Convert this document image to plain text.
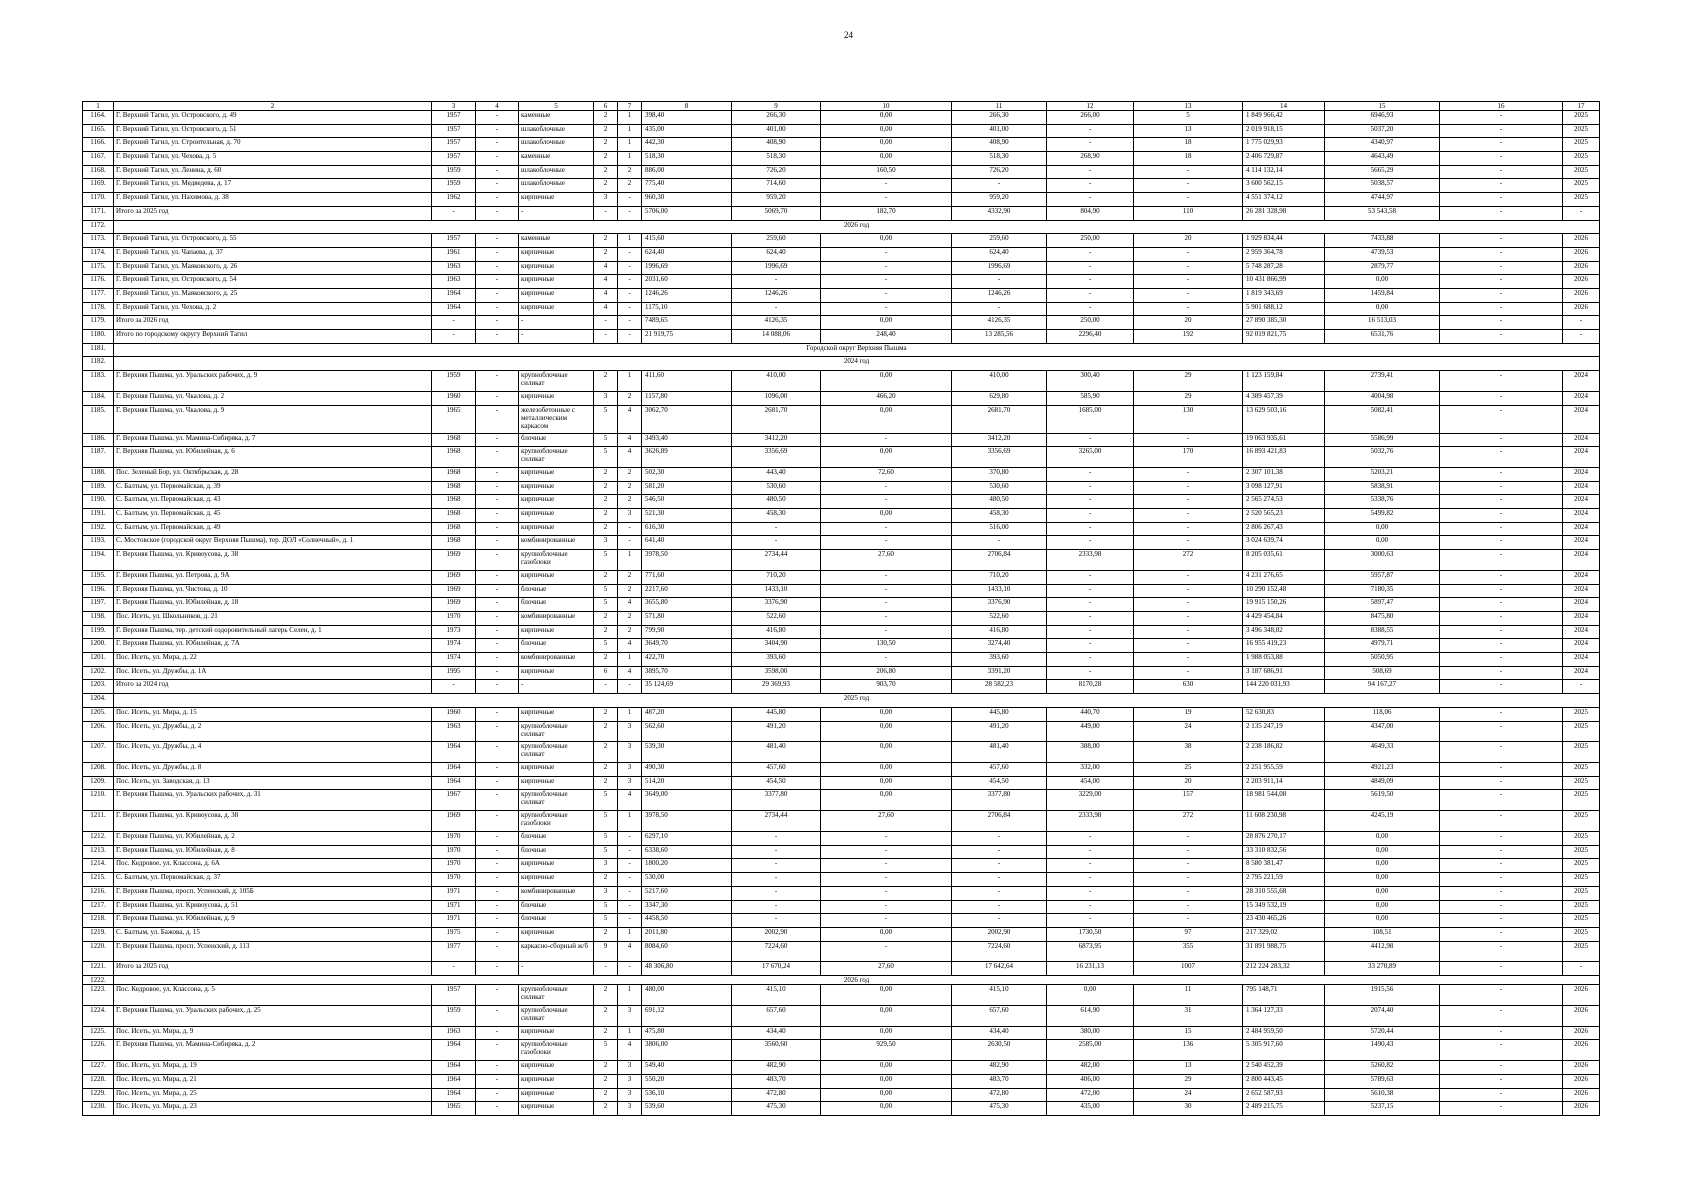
24
1	2	3	4	5	6	7	8	9	10	11	12	13	14	15	16	17
1164.	Г. Верхний Тагил, ул. Островского, д. 49	1957	-	каменные	2	1	398,40	266,30	0,00	266,30	266,00	5	1 849 966,42	6946,93	-	2025
1165.	Г. Верхний Тагил, ул. Островского, д. 51	1957	-	шлакоблочные	2	1	435,00	401,00	0,00	401,00	-	13	2 019 918,15	5037,20	-	2025
1166.	Г. Верхний Тагил, ул. Строительная, д. 70	1957	-	шлакоблочные	2	1	442,30	408,90	0,00	408,90	-	18	1 775 029,93	4340,97	-	2025
1167.	Г. Верхний Тагил, ул. Чехова, д. 5	1957	-	каменные	2	1	518,30	518,30	0,00	518,30	268,90	18	2 406 729,87	4643,49	-	2025
1168.	Г. Верхний Тагил, ул. Ленина, д. 60	1959	-	шлакоблочные	2	2	886,00	726,20	160,50	726,20	-	-	4 114 132,14	5665,29	-	2025
1169.	Г. Верхний Тагил, ул. Медведева, д. 17	1959	-	шлакоблочные	2	2	775,40	714,60	-	-	-	-	3 600 562,15	5038,57	-	2025
1170.	Г. Верхний Тагил, ул. Нахимова, д. 38	1962	-	кирпичные	3	-	960,30	959,20	-	959,20	-	-	4 551 374,12	4744,97	-	2025
1171.	Итого за 2025 год	-	-	-	-	-	5706,00	5069,70	182,70	4332,90	804,90	110	26 281 328,98	53 543,58	-	-
1172.	2026 год															
1173.	Г. Верхний Тагил, ул. Островского, д. 55	1957	-	каменные	2	1	415,60	259,60	0,00	259,60	250,00	20	1 929 834,44	7433,88	-	2026
1174.	Г. Верхний Тагил, ул. Чапаева, д. 37	1961	-	кирпичные	2	-	624,40	624,40	-	624,40	-	-	2 959 364,78	4739,53	-	2026
1175.	Г. Верхний Тагил, ул. Маяковского, д. 26	1963	-	кирпичные	4	-	1996,69	1996,69	-	1996,69	-	-	5 748 287,28	2879,77	-	2026
1176.	Г. Верхний Тагил, ул. Островского, д. 54	1963	-	кирпичные	4	-	2031,60	-	-	-	-	-	10 431 866,99	0,00	-	2026
1177.	Г. Верхний Тагил, ул. Маяковского, д. 25	1964	-	кирпичные	4	-	1246,26	1246,26	-	1246,26	-	-	1 819 343,69	1459,84	-	2026
1178.	Г. Верхний Тагил, ул. Чехова, д. 2	1964	-	кирпичные	4	-	1175,10	-	-	-	-	-	5 901 688,12	0,00	-	2026
1179.	Итого за 2026 год	-	-	-	-	-	7489,65	4126,35	0,00	4126,35	250,00	20	27 890 385,30	16 513,03	-	-
1180.	Итого по городскому округу Верхний Тагил	-	-	-	-	-	21 919,75	14 088,06	248,40	13 285,56	2296,40	192	92 019 821,75	6531,76	-	-
1181.	Городской округ Верхняя Пышма															
1182.	2024 год															
1183.	Г. Верхняя Пышма, ул. Уральских рабочих, д. 9	1959	-	крупноблочные силикат	2	1	411,60	410,00	0,00	410,00	300,40	29	1 123 159,84	2739,41	-	2024
1184.	Г. Верхняя Пышма, ул. Чкалова, д. 2	1960	-	кирпичные	3	2	1157,80	1096,00	466,20	629,80	585,90	29	4 389 457,39	4004,98	-	2024
1185.	Г. Верхняя Пышма, ул. Чкалова, д. 9	1965	-	железобетонные с металлическим каркасом	5	4	3062,70	2681,70	0,00	2681,70	1685,00	130	13 629 503,16	5082,41	-	2024
1186.	Г. Верхняя Пышма, ул. Мамина-Сибиряка, д. 7	1968	-	блочные	5	4	3493,40	3412,20	-	3412,20	-	-	19 063 935,61	5586,99	-	2024
1187.	Г. Верхняя Пышма, ул. Юбилейная, д. 6	1968	-	крупноблочные силикат	5	4	3626,89	3356,69	0,00	3356,69	3265,00	170	16 893 421,83	5032,76	-	2024
1188.	Пос. Зеленый Бор, ул. Октябрьская, д. 28	1968	-	кирпичные	2	2	502,30	443,40	72,60	370,80	-	-	2 307 101,38	5203,21	-	2024
1189.	С. Балтым, ул. Первомайская, д. 39	1968	-	кирпичные	2	2	581,20	530,60	-	530,60	-	-	3 098 127,91	5838,91	-	2024
1190.	С. Балтым, ул. Первомайская, д. 43	1968	-	кирпичные	2	2	546,50	480,50	-	480,50	-	-	2 565 274,53	5338,76	-	2024
1191.	С. Балтым, ул. Первомайская, д. 45	1968	-	кирпичные	2	3	521,30	458,30	0,00	458,30	-	-	2 520 565,23	5499,82	-	2024
1192.	С. Балтым, ул. Первомайская, д. 49	1968	-	кирпичные	2	-	616,30	-	-	516,00	-	-	2 806 267,43	0,00	-	2024
1193.	С. Мостовское (городской округ Верхняя Пышма), тер. ДОЛ «Солнечный», д. 1	1968	-	комбинированные	3	-	641,40	-	-	-	-	-	3 024 639,74	0,00	-	2024
1194.	Г. Верхняя Пышма, ул. Кривоусова, д. 38	1969	-	крупноблочные газоблоки	5	1	3978,50	2734,44	27,60	2706,84	2333,98	272	8 205 035,61	3000,63	-	2024
1195.	Г. Верхняя Пышма, ул. Петрова, д. 9А	1969	-	кирпичные	2	2	771,60	710,20	-	710,20	-	-	4 231 276,65	5957,87	-	2024
1196.	Г. Верхняя Пышма, ул. Чистова, д. 10	1969	-	блочные	5	2	2217,60	1433,10	-	1433,10	-	-	10 290 152,48	7180,35	-	2024
1197.	Г. Верхняя Пышма, ул. Юбилейная, д. 18	1969	-	блочные	5	4	3655,80	3376,90	-	3376,90	-	-	19 915 150,26	5897,47	-	2024
1198.	Пос. Исеть, ул. Школьников, д. 21	1970	-	комбинированные	2	2	571,80	522,60	-	522,60	-	-	4 429 454,84	8475,80	-	2024
1199.	Г. Верхняя Пышма, тер. детский оздоровительный лагерь Селен, д. 1	1973	-	кирпичные	2	2	799,90	416,80	-	416,80	-	-	3 496 348,02	8388,55	-	2024
1200.	Г. Верхняя Пышма, ул. Юбилейная, д. 7А	1974	-	блочные	5	4	3649,70	3404,90	130,50	3274,40	-	-	16 955 419,23	4979,71	-	2024
1201.	Пос. Исеть, ул. Мира, д. 22	1974	-	комбинированные	2	1	422,70	393,60	-	393,60	-	-	1 988 053,88	5050,95	-	2024
1202.	Пос. Исеть, ул. Дружбы, д. 1А	1995	-	кирпичные	6	4	3895,70	3598,00	206,80	3391,20	-	-	3 187 686,91	508,69	-	2024
1203.	Итого за 2024 год	-	-	-	-	-	35 124,69	29 369,93	903,70	28 582,23	8170,28	630	144 220 031,93	94 167,27	-	-
1204.	2025 год															
1205.	Пос. Исеть, ул. Мира, д. 15	1960	-	кирпичные	2	1	487,20	445,80	0,00	445,80	440,70	19	52 630,83	118,06	-	2025
1206.	Пос. Исеть, ул. Дружбы, д. 2	1963	-	крупноблочные силикат	2	3	562,60	491,20	0,00	491,20	449,00	24	2 135 247,19	4347,00	-	2025
1207.	Пос. Исеть, ул. Дружбы, д. 4	1964	-	крупноблочные силикат	2	3	539,30	481,40	0,00	481,40	388,00	38	2 238 186,82	4649,33	-	2025
1208.	Пос. Исеть, ул. Дружбы, д. 8	1964	-	кирпичные	2	3	490,30	457,60	0,00	457,60	332,00	25	2 251 955,59	4921,23	-	2025
1209.	Пос. Исеть, ул. Заводская, д. 13	1964	-	кирпичные	2	3	514,20	454,50	0,00	454,50	454,00	20	2 203 911,14	4849,09	-	2025
1210.	Г. Верхняя Пышма, ул. Уральских рабочих, д. 31	1967	-	крупноблочные силикат	5	4	3649,00	3377,80	0,00	3377,80	3229,00	157	18 981 544,08	5619,50	-	2025
1211.	Г. Верхняя Пышма, ул. Кривоусова, д. 38	1969	-	крупноблочные газоблоки	5	1	3978,50	2734,44	27,60	2706,84	2333,98	272	11 608 230,98	4245,19	-	2025
1212.	Г. Верхняя Пышма, ул. Юбилейная, д. 2	1970	-	блочные	5	-	6297,10	-	-	-	-	-	28 876 270,17	0,00	-	2025
1213.	Г. Верхняя Пышма, ул. Юбилейная, д. 8	1970	-	блочные	5	-	6338,60	-	-	-	-	-	33 310 832,56	0,00	-	2025
1214.	Пос. Кедровое, ул. Классона, д. 6А	1970	-	кирпичные	3	-	1800,20	-	-	-	-	-	8 580 381,47	0,00	-	2025
1215.	С. Балтым, ул. Первомайская, д. 37	1970	-	кирпичные	2	-	530,00	-	-	-	-	-	2 795 221,59	0,00	-	2025
1216.	Г. Верхняя Пышма, просп. Успенский, д. 105Б	1971	-	комбинированные	3	-	5217,60	-	-	-	-	-	28 310 555,68	0,00	-	2025
1217.	Г. Верхняя Пышма, ул. Кривоусова, д. 51	1971	-	блочные	5	-	3347,30	-	-	-	-	-	15 349 532,19	0,00	-	2025
1218.	Г. Верхняя Пышма, ул. Юбилейная, д. 9	1971	-	блочные	5	-	4458,50	-	-	-	-	-	23 430 465,26	0,00	-	2025
1219.	С. Балтым, ул. Бажова, д. 15	1975	-	кирпичные	2	1	2011,80	2002,90	0,00	2002,90	1730,50	97	217 329,02	108,51	-	2025
1220.	Г. Верхняя Пышма, просп. Успенский, д. 113	1977	-	каркасно-сборный ж/б	9	4	8084,60	7224,60	-	7224,60	6873,95	355	31 891 988,75	4412,98	-	2025
1221.	Итого за 2025 год	-	-	-	-	-	48 306,80	17 670,24	27,60	17 642,64	16 231,13	1007	212 224 283,32	33 270,89	-	-
1222.	2026 год															
1223.	Пос. Кедровое, ул. Классона, д. 5	1957	-	крупноблочные силикат	2	1	480,00	415,10	0,00	415,10	0,00	11	795 148,71	1915,56	-	2026
1224.	Г. Верхняя Пышма, ул. Уральских рабочих, д. 25	1959	-	крупноблочные силикат	2	3	691,12	657,60	0,00	657,60	614,90	31	1 364 127,33	2074,40	-	2026
1225.	Пос. Исеть, ул. Мира, д. 9	1963	-	кирпичные	2	1	475,80	434,40	0,00	434,40	380,00	15	2 484 959,50	5720,44	-	2026
1226.	Г. Верхняя Пышма, ул. Мамина-Сибиряка, д. 2	1964	-	крупноблочные газоблоки	5	4	3806,00	3560,60	929,50	2630,50	2585,00	136	5 305 917,60	1490,43	-	2026
1227.	Пос. Исеть, ул. Мира, д. 19	1964	-	кирпичные	2	3	549,40	482,90	0,00	482,90	482,00	13	2 540 452,39	5260,82	-	2026
1228.	Пос. Исеть, ул. Мира, д. 21	1964	-	кирпичные	2	3	550,20	483,70	0,00	483,70	406,00	29	2 800 443,45	5789,63	-	2026
1229.	Пос. Исеть, ул. Мира, д. 25	1964	-	кирпичные	2	3	536,10	472,80	0,00	472,80	472,00	24	2 652 587,93	5610,38	-	2026
1230.	Пос. Исеть, ул. Мира, д. 23	1965	-	кирпичные	2	3	539,60	475,30	0,00	475,30	435,00	30	2 489 215,75	5237,15	-	2026
